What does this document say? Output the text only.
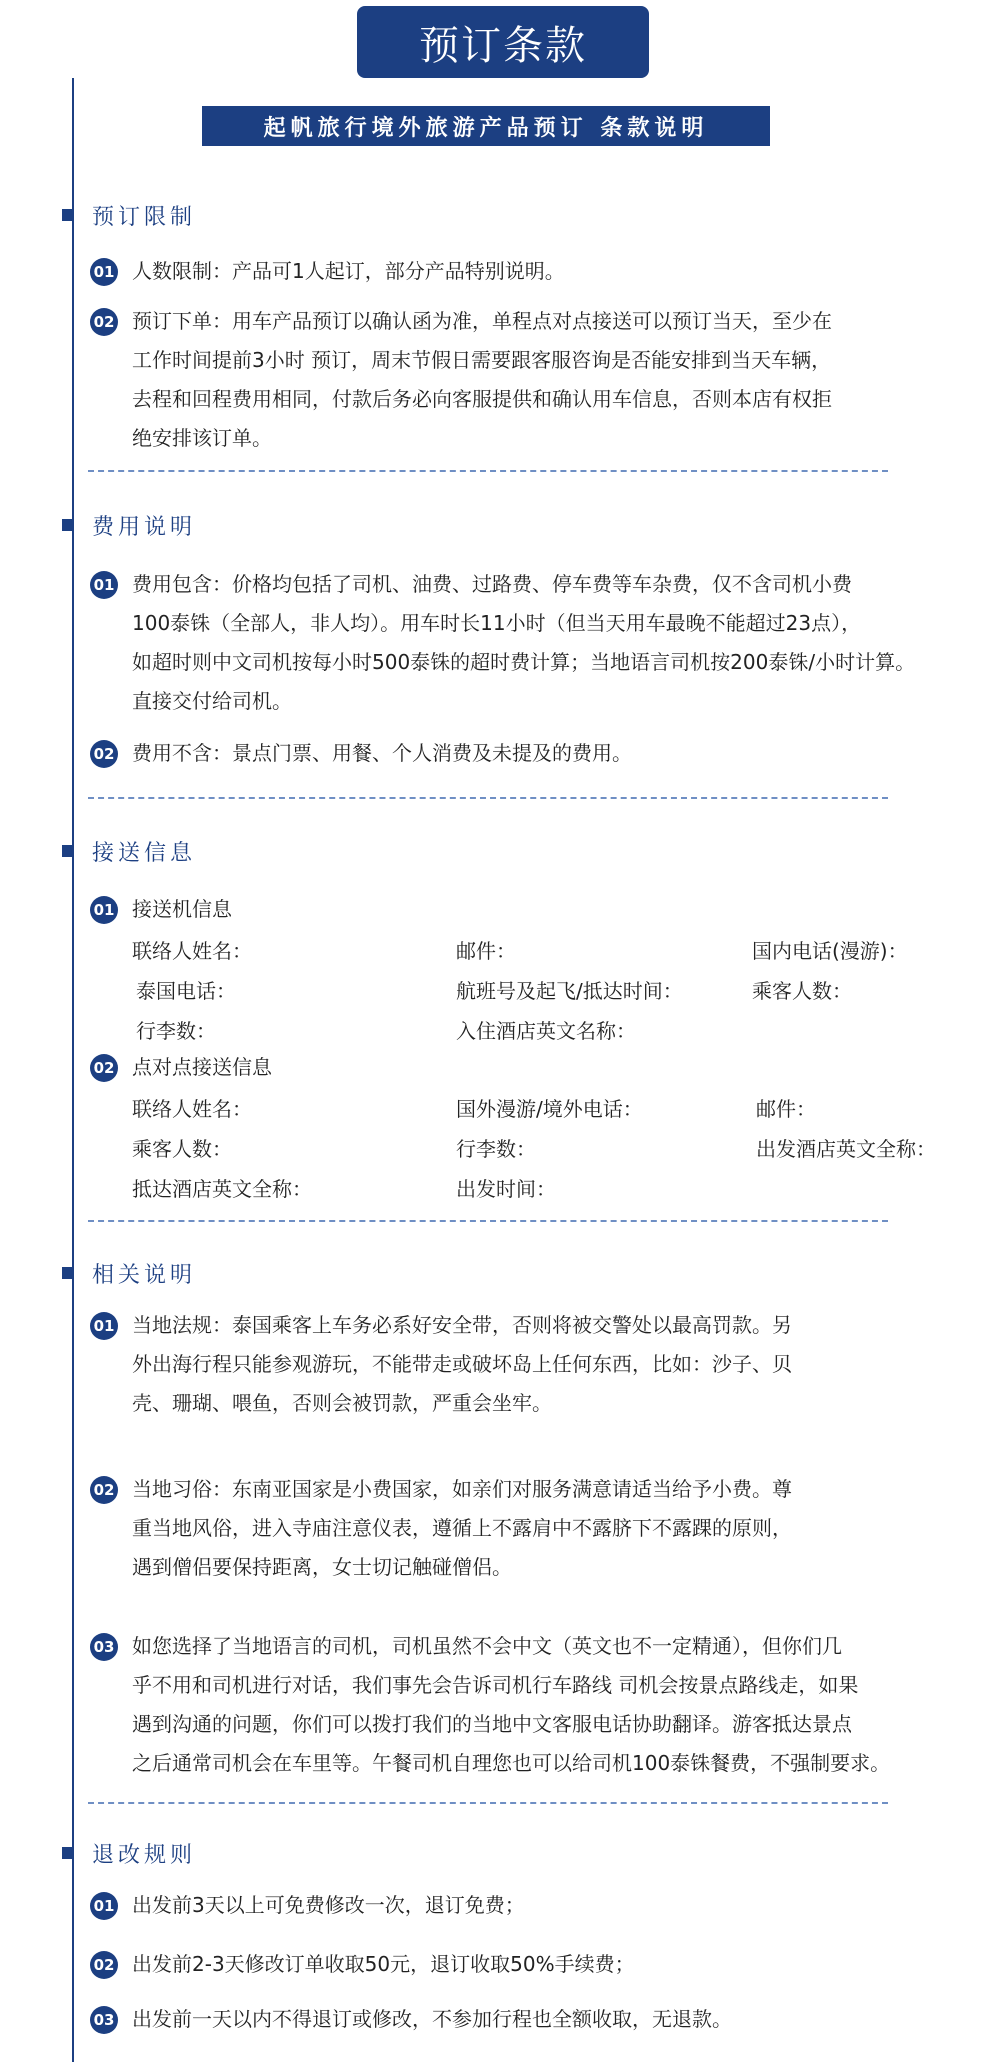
预订条款
起帆旅行境外旅游产品预订 条款说明
预订限制
01 人数限制：产品可1人起订，部分产品特别说明。
02 预订下单：用车产品预订以确认函为准，单程点对点接送可以预订当天，至少在
工作时间提前3小时 预订，周末节假日需要跟客服咨询是否能安排到当天车辆，
去程和回程费用相同，付款后务必向客服提供和确认用车信息，否则本店有权拒
绝安排该订单。
费用说明
01 费用包含：价格均包括了司机、油费、过路费、停车费等车杂费，仅不含司机小费
100泰铢（全部人，非人均）。用车时长11小时（但当天用车最晚不能超过23点），
如超时则中文司机按每小时500泰铢的超时费计算；当地语言司机按200泰铢/小时计算。
直接交付给司机。
02 费用不含：景点门票、用餐、个人消费及未提及的费用。
接送信息
01 接送机信息
联络人姓名：	邮件：	国内电话(漫游)：
泰国电话：	航班号及起飞/抵达时间：	乘客人数：
行李数：	入住酒店英文名称：
02 点对点接送信息
联络人姓名：	国外漫游/境外电话：	邮件：
乘客人数：	行李数：	出发酒店英文全称：
抵达酒店英文全称：	出发时间：
相关说明
01 当地法规：泰国乘客上车务必系好安全带，否则将被交警处以最高罚款。另
外出海行程只能参观游玩，不能带走或破坏岛上任何东西，比如：沙子、贝
壳、珊瑚、喂鱼，否则会被罚款，严重会坐牢。
02 当地习俗：东南亚国家是小费国家，如亲们对服务满意请适当给予小费。尊
重当地风俗，进入寺庙注意仪表，遵循上不露肩中不露脐下不露踝的原则，
遇到僧侣要保持距离，女士切记触碰僧侣。
03 如您选择了当地语言的司机，司机虽然不会中文（英文也不一定精通），但你们几
乎不用和司机进行对话，我们事先会告诉司机行车路线 司机会按景点路线走，如果
遇到沟通的问题，你们可以拨打我们的当地中文客服电话协助翻译。游客抵达景点
之后通常司机会在车里等。午餐司机自理您也可以给司机100泰铢餐费，不强制要求。
退改规则
01 出发前3天以上可免费修改一次，退订免费；
02 出发前2-3天修改订单收取50元，退订收取50%手续费；
03 出发前一天以内不得退订或修改，不参加行程也全额收取，无退款。
